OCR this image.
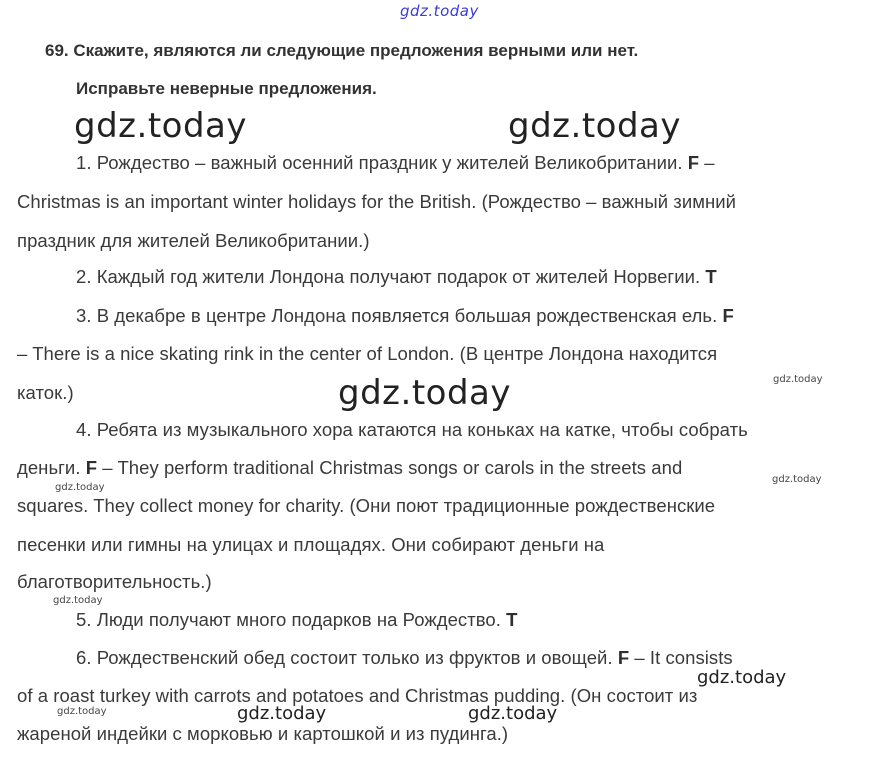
gdz.today
gdz.today	gdz.today
gdz.today	gdz.today
gdz.today
gdz.today
gdz.today
gdz.today
gdz.today
gdz.today	gdz.today
69. Скажите, являются ли следующие предложения верными или нет.
Исправьте неверные предложения.
1. Рождество – важный осенний праздник у жителей Великобритании. F –
Christmas is an important winter holidays for the British. (Рождество – важный зимний
праздник для жителей Великобритании.)
2. Каждый год жители Лондона получают подарок от жителей Норвегии. T
3. В декабре в центре Лондона появляется большая рождественская ель. F
– There is a nice skating rink in the center of London. (В центре Лондона находится
каток.)
4. Ребята из музыкального хора катаются на коньках на катке, чтобы собрать
деньги. F – They perform traditional Christmas songs or carols in the streets and
squares. They collect money for charity. (Они поют традиционные рождественские
песенки или гимны на улицах и площадях. Они собирают деньги на
благотворительность.)
5. Люди получают много подарков на Рождество. T
6. Рождественский обед состоит только из фруктов и овощей. F – It consists
of a roast turkey with carrots and potatoes and Christmas pudding. (Он состоит из
жареной индейки с морковью и картошкой и из пудинга.)
